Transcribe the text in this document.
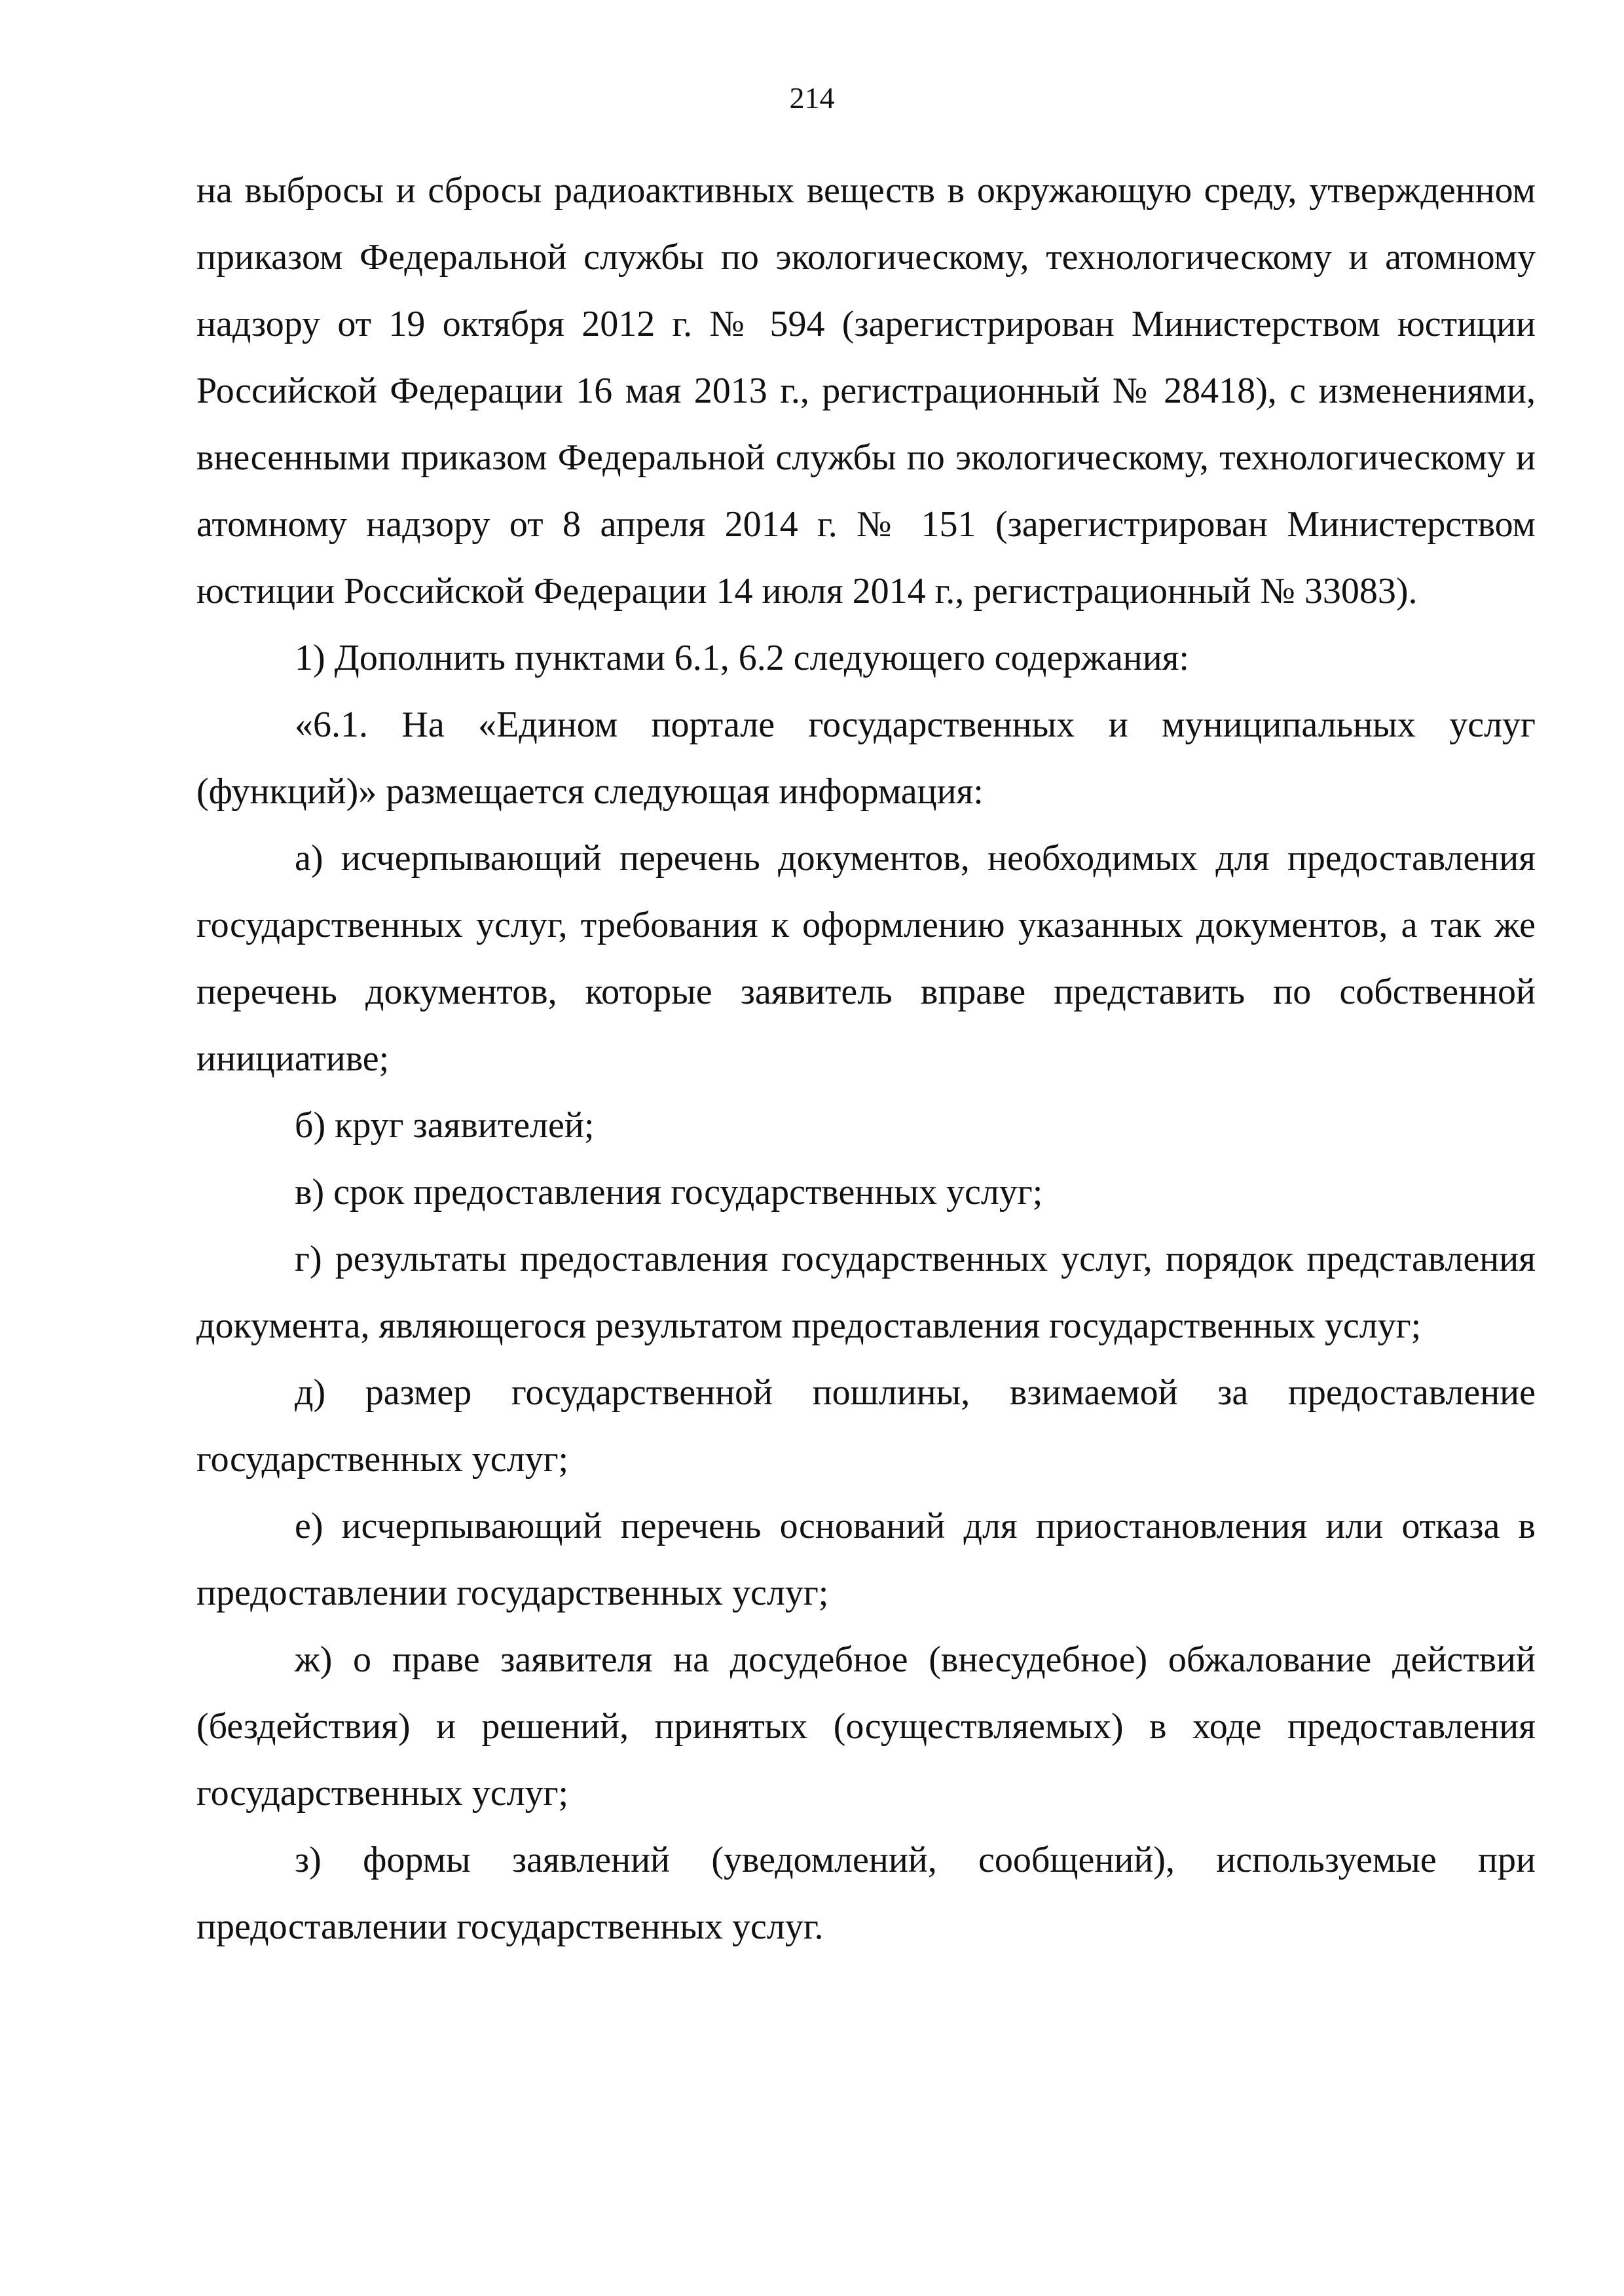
214

на выбросы и сбросы радиоактивных веществ в окружающую среду, утвержденном приказом Федеральной службы по экологическому, технологическому и атомному надзору от 19 октября 2012 г. № 594 (зарегистрирован Министерством юстиции Российской Федерации 16 мая 2013 г., регистрационный № 28418), с изменениями, внесенными приказом Федеральной службы по экологическому, технологическому и атомному надзору от 8 апреля 2014 г. № 151 (зарегистрирован Министерством юстиции Российской Федерации 14 июля 2014 г., регистрационный № 33083).

1) Дополнить пунктами 6.1, 6.2 следующего содержания:

«6.1. На «Едином портале государственных и муниципальных услуг (функций)» размещается следующая информация:

а) исчерпывающий перечень документов, необходимых для предоставления государственных услуг, требования к оформлению указанных документов, а так же перечень документов, которые заявитель вправе представить по собственной инициативе;

б) круг заявителей;

в) срок предоставления государственных услуг;

г) результаты предоставления государственных услуг, порядок представления документа, являющегося результатом предоставления государственных услуг;

д) размер государственной пошлины, взимаемой за предоставление государственных услуг;

е) исчерпывающий перечень оснований для приостановления или отказа в предоставлении государственных услуг;

ж) о праве заявителя на досудебное (внесудебное) обжалование действий (бездействия) и решений, принятых (осуществляемых) в ходе предоставления государственных услуг;

з) формы заявлений (уведомлений, сообщений), используемые при предоставлении государственных услуг.
